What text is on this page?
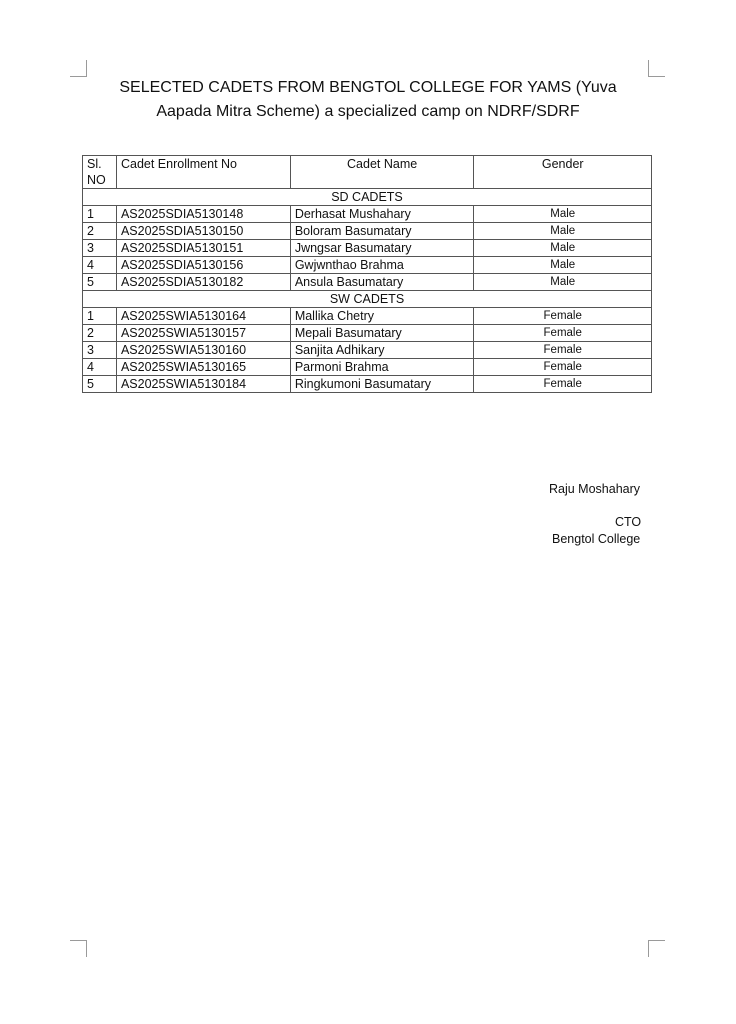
SELECTED CADETS FROM BENGTOL COLLEGE FOR YAMS (Yuva Aapada Mitra Scheme) a specialized camp on NDRF/SDRF
Sl. NO	Cadet Enrollment No	Cadet Name	Gender
SD CADETS			
1	AS2025SDIA5130148	Derhasat Mushahary	Male
2	AS2025SDIA5130150	Boloram Basumatary	Male
3	AS2025SDIA5130151	Jwngsar Basumatary	Male
4	AS2025SDIA5130156	Gwjwnthao Brahma	Male
5	AS2025SDIA5130182	Ansula Basumatary	Male
SW CADETS			
1	AS2025SWIA5130164	Mallika Chetry	Female
2	AS2025SWIA5130157	Mepali Basumatary	Female
3	AS2025SWIA5130160	Sanjita Adhikary	Female
4	AS2025SWIA5130165	Parmoni Brahma	Female
5	AS2025SWIA5130184	Ringkumoni Basumatary	Female
Raju Moshahary
CTO
Bengtol College
